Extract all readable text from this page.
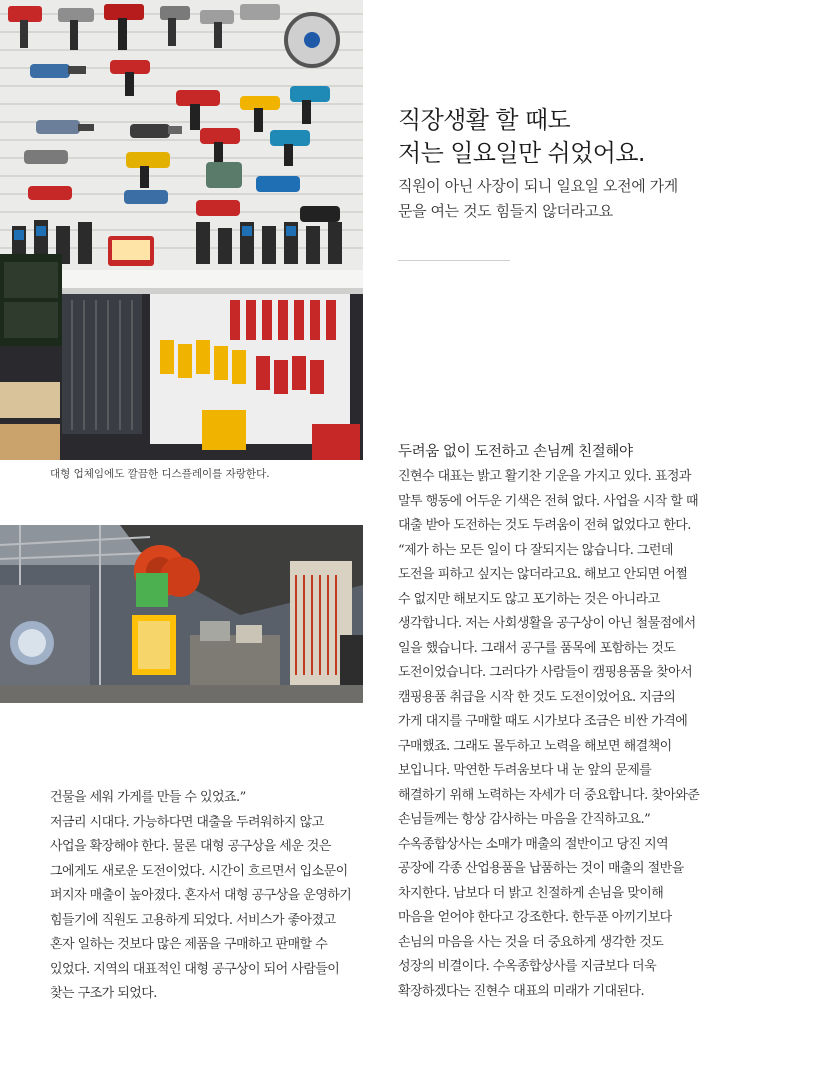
대형 업체임에도 깔끔한 디스플레이를 자랑한다.
직장생활 할 때도
저는 일요일만 쉬었어요.
직원이 아닌 사장이 되니 일요일 오전에 가게
문을 여는 것도 힘들지 않더라고요
두려움 없이 도전하고 손님께 친절해야
진현수 대표는 밝고 활기찬 기운을 가지고 있다. 표정과
말투 행동에 어두운 기색은 전혀 없다. 사업을 시작 할 때
대출 받아 도전하는 것도 두려움이 전혀 없었다고 한다.
“제가 하는 모든 일이 다 잘되지는 않습니다. 그런데
도전을 피하고 싶지는 않더라고요. 해보고 안되면 어쩔
수 없지만 해보지도 않고 포기하는 것은 아니라고
생각합니다. 저는 사회생활을 공구상이 아닌 철물점에서
일을 했습니다. 그래서 공구를 품목에 포함하는 것도
도전이었습니다. 그러다가 사람들이 캠핑용품을 찾아서
캠핑용품 취급을 시작 한 것도 도전이었어요. 지금의
가게 대지를 구매할 때도 시가보다 조금은 비싼 가격에
구매했죠. 그래도 몰두하고 노력을 해보면 해결책이
보입니다. 막연한 두려움보다 내 눈 앞의 문제를
해결하기 위해 노력하는 자세가 더 중요합니다. 찾아와준
손님들께는 항상 감사하는 마음을 간직하고요.”
수옥종합상사는 소매가 매출의 절반이고 당진 지역
공장에 각종 산업용품을 납품하는 것이 매출의 절반을
차지한다. 남보다 더 밝고 친절하게 손님을 맞이해
마음을 얻어야 한다고 강조한다. 한두푼 아끼기보다
손님의 마음을 사는 것을 더 중요하게 생각한 것도
성장의 비결이다. 수옥종합상사를 지금보다 더욱
확장하겠다는 진현수 대표의 미래가 기대된다.
건물을 세워 가게를 만들 수 있었죠.”
저금리 시대다. 가능하다면 대출을 두려워하지 않고
사업을 확장해야 한다. 물론 대형 공구상을 세운 것은
그에게도 새로운 도전이었다. 시간이 흐르면서 입소문이
퍼지자 매출이 높아졌다. 혼자서 대형 공구상을 운영하기
힘들기에 직원도 고용하게 되었다. 서비스가 좋아졌고
혼자 일하는 것보다 많은 제품을 구매하고 판매할 수
있었다. 지역의 대표적인 대형 공구상이 되어 사람들이
찾는 구조가 되었다.
